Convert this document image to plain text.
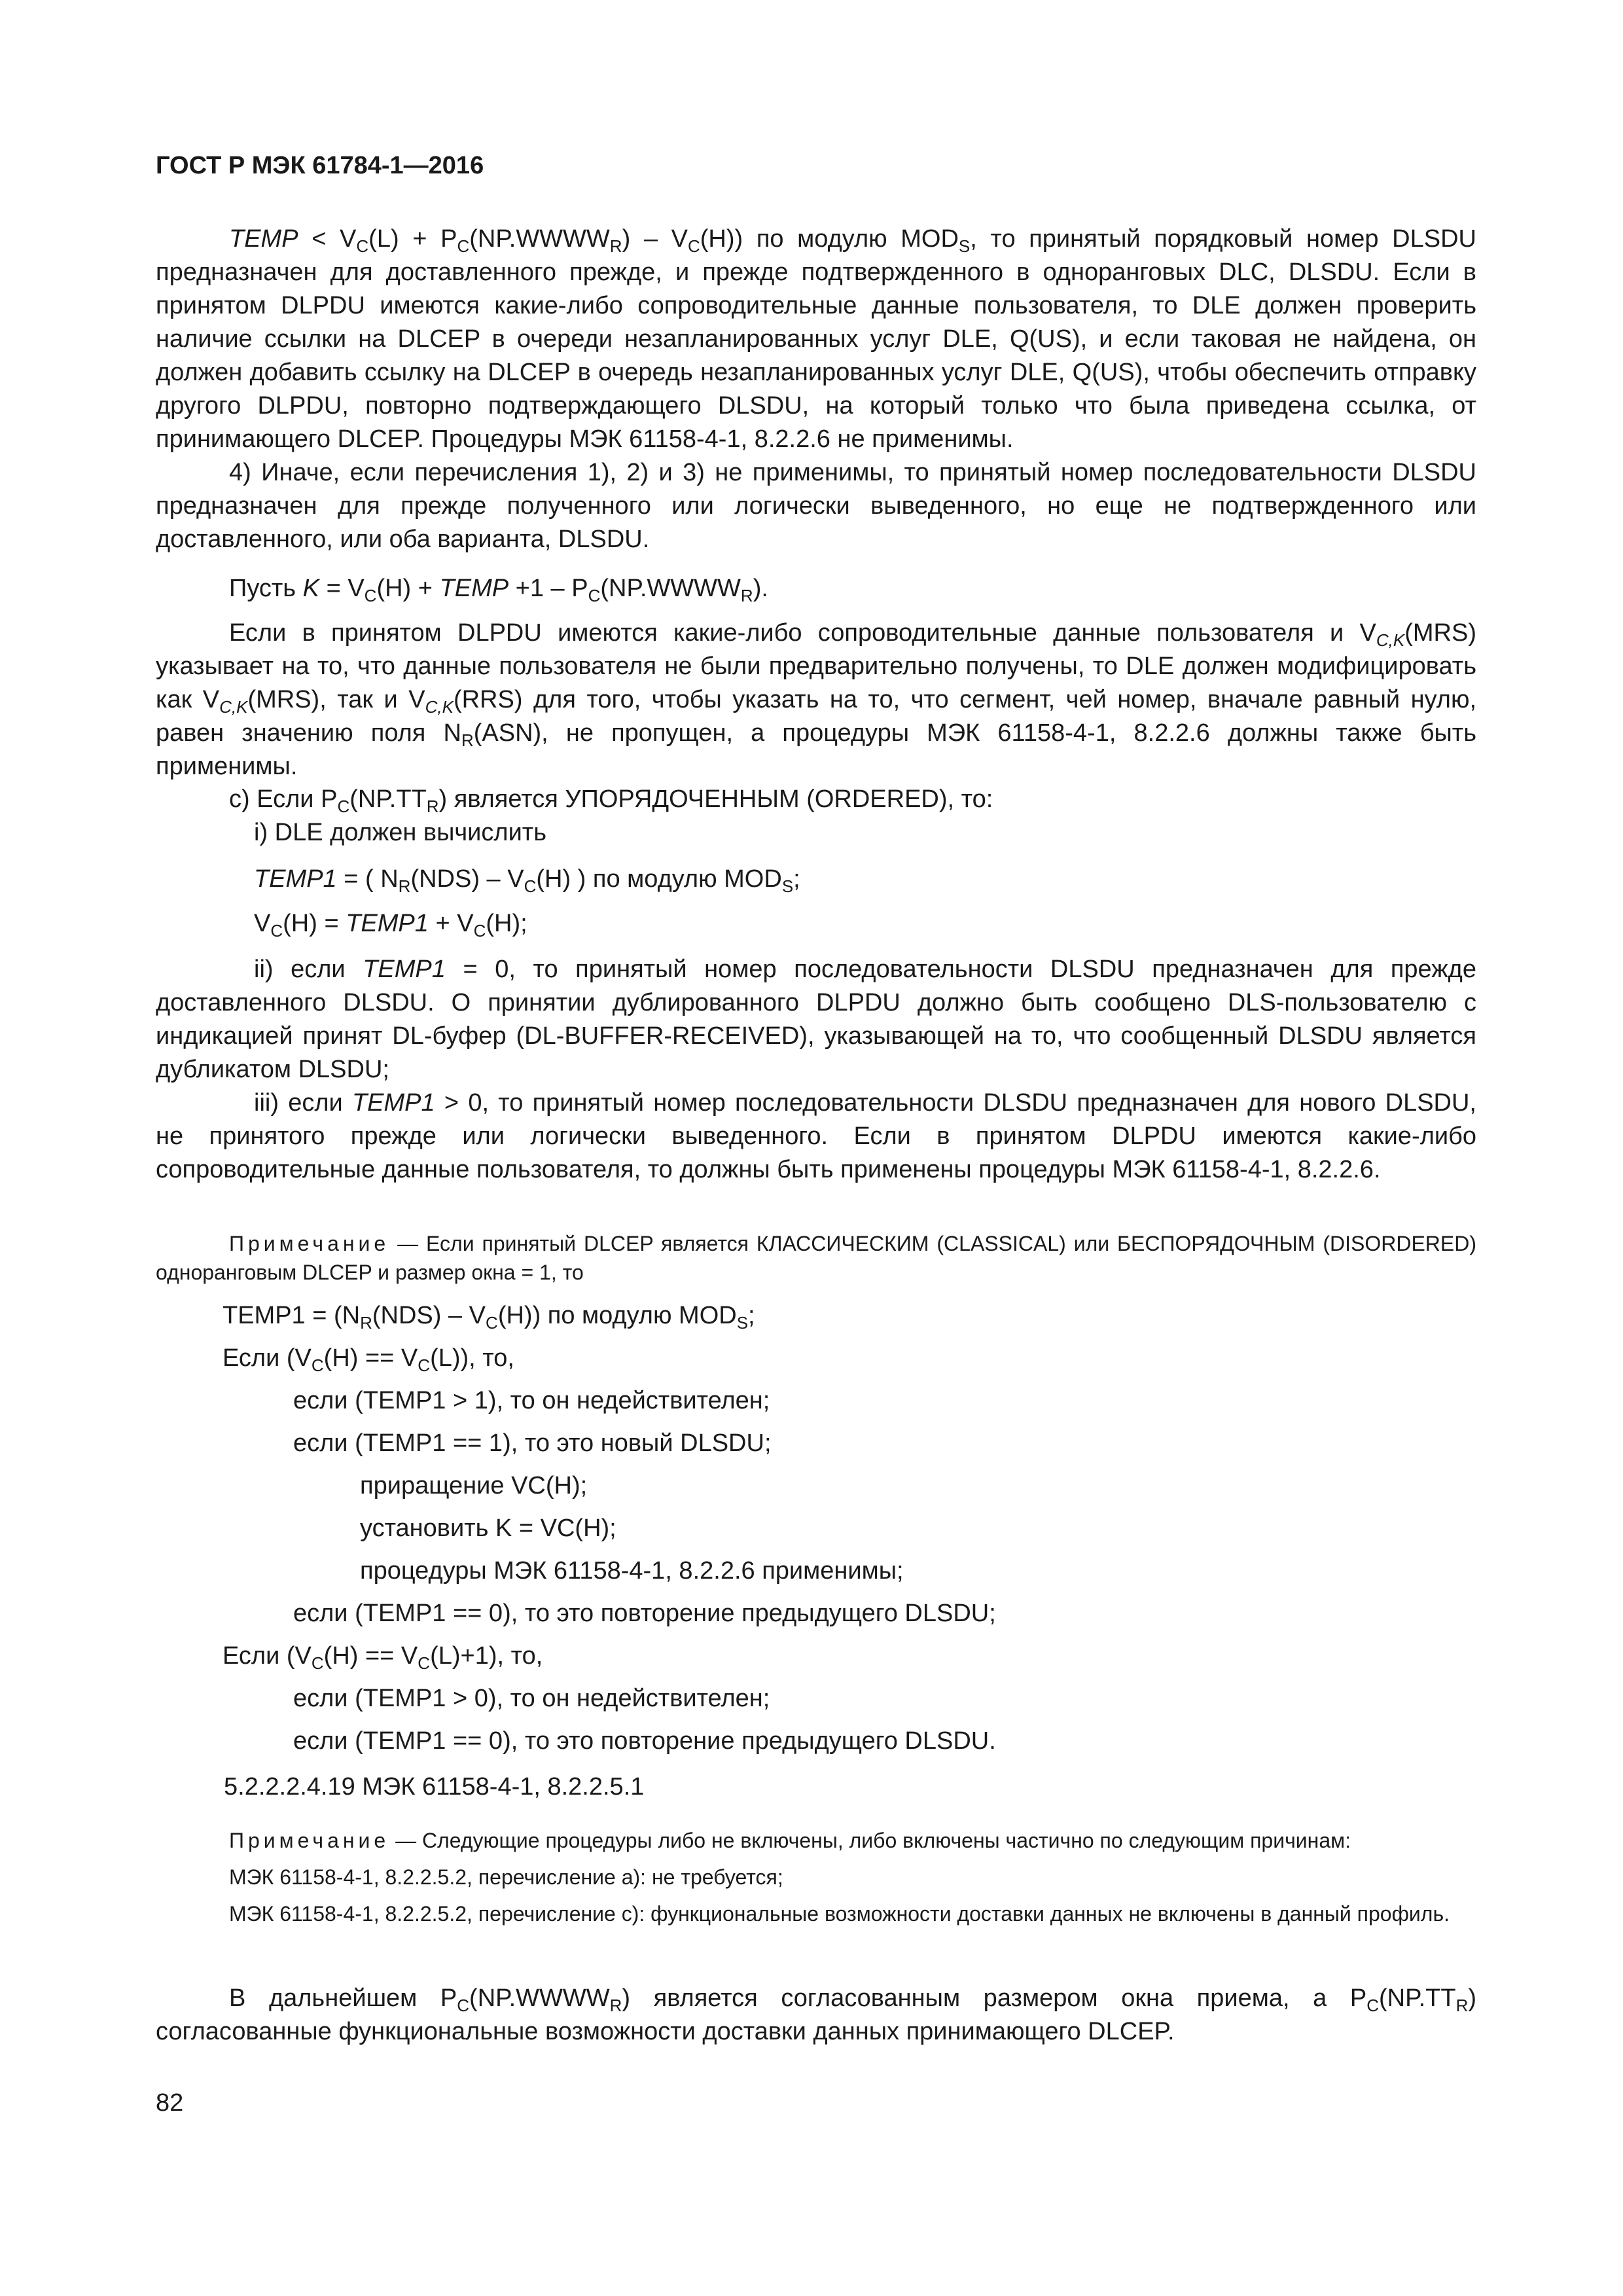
ГОСТ Р МЭК 61784-1—2016

TEMP < $V_C(L)$ + $P_C(NP.WWWW_R) - V_C(H)$) по модулю $MOD_S$, то принятый порядковый номер DLSDU предназначен для доставленного прежде, и прежде подтвержденного в одноранговых DLC, DLSDU. Если в принятом DLPDU имеются какие-либо сопроводительные данные пользователя, то DLE должен проверить наличие ссылки на DLCEP в очереди незапланированных услуг DLE, Q(US), и если таковая не найдена, он должен добавить ссылку на DLCEP в очередь незапланированных услуг DLE, Q(US), чтобы обеспечить отправку другого DLPDU, повторно подтверждающего DLSDU, на который только что была приведена ссылка, от принимающего DLCEP. Процедуры МЭК 61158-4-1, 8.2.2.6 не применимы.

4) Иначе, если перечисления 1), 2) и 3) не применимы, то принятый номер последовательности DLSDU предназначен для прежде полученного или логически выведенного, но еще не подтвержденного или доставленного, или оба варианта, DLSDU.

Пусть $K = V_C(H)$ + TEMP $+1 - P_C(NP.WWWW_R)$.

Если в принятом DLPDU имеются какие-либо сопроводительные данные пользователя и $V_{C,K}(MRS)$ указывает на то, что данные пользователя не были предварительно получены, то DLE должен модифицировать как $V_{C,K}(MRS)$, так и $V_{C,K}(RRS)$ для того, чтобы указать на то, что сегмент, чей номер, вначале равный нулю, равен значению поля $N_R(ASN)$, не пропущен, а процедуры МЭК 61158-4-1, 8.2.2.6 должны также быть применимы.

с) Если $P_C(NP.TT_R)$ является УПОРЯДОЧЕННЫМ (ORDERED), то:
i) DLE должен вычислить
TEMP1 = ( $N_R(NDS) - V_C(H)$ ) по модулю $MOD_S$;
$V_C(H)$ = TEMP1 + $V_C(H)$;

ii) если TEMP1 = 0, то принятый номер последовательности DLSDU предназначен для прежде доставленного DLSDU. О принятии дублированного DLPDU должно быть сообщено DLS-пользователю с индикацией принят DL-буфер (DL-BUFFER-RECEIVED), указывающей на то, что сообщенный DLSDU является дубликатом DLSDU;

iii) если TEMP1 > 0, то принятый номер последовательности DLSDU предназначен для нового DLSDU, не принятого прежде или логически выведенного. Если в принятом DLPDU имеются какие-либо сопроводительные данные пользователя, то должны быть применены процедуры МЭК 61158-4-1, 8.2.2.6.

Примечание — Если принятый DLCEP является КЛАССИЧЕСКИМ (CLASSICAL) или БЕСПОРЯДОЧНЫМ (DISORDERED) одноранговым DLCEP и размер окна = 1, то

TEMP1 = $(N_R(NDS) - V_C(H))$ по модулю $MOD_S$;
Если $(V_C(H) == V_C(L))$, то,
если (TEMP1 > 1), то он недействителен;
если (TEMP1 == 1), то это новый DLSDU;
приращение VC(H);
установить K = VC(H);
процедуры МЭК 61158-4-1, 8.2.2.6 применимы;
если (TEMP1 == 0), то это повторение предыдущего DLSDU;
Если $(V_C(H) == V_C(L)+1)$, то,
если (TEMP1 > 0), то он недействителен;
если (TEMP1 == 0), то это повторение предыдущего DLSDU.
5.2.2.2.4.19 МЭК 61158-4-1, 8.2.2.5.1

Примечание — Следующие процедуры либо не включены, либо включены частично по следующим причинам:

МЭК 61158-4-1, 8.2.2.5.2, перечисление а): не требуется;

МЭК 61158-4-1, 8.2.2.5.2, перечисление с): функциональные возможности доставки данных не включены в данный профиль.

В дальнейшем $P_C(NP.WWWW_R)$ является согласованным размером окна приема, а $P_C(NP.TT_R)$ согласованные функциональные возможности доставки данных принимающего DLCEP.

82
